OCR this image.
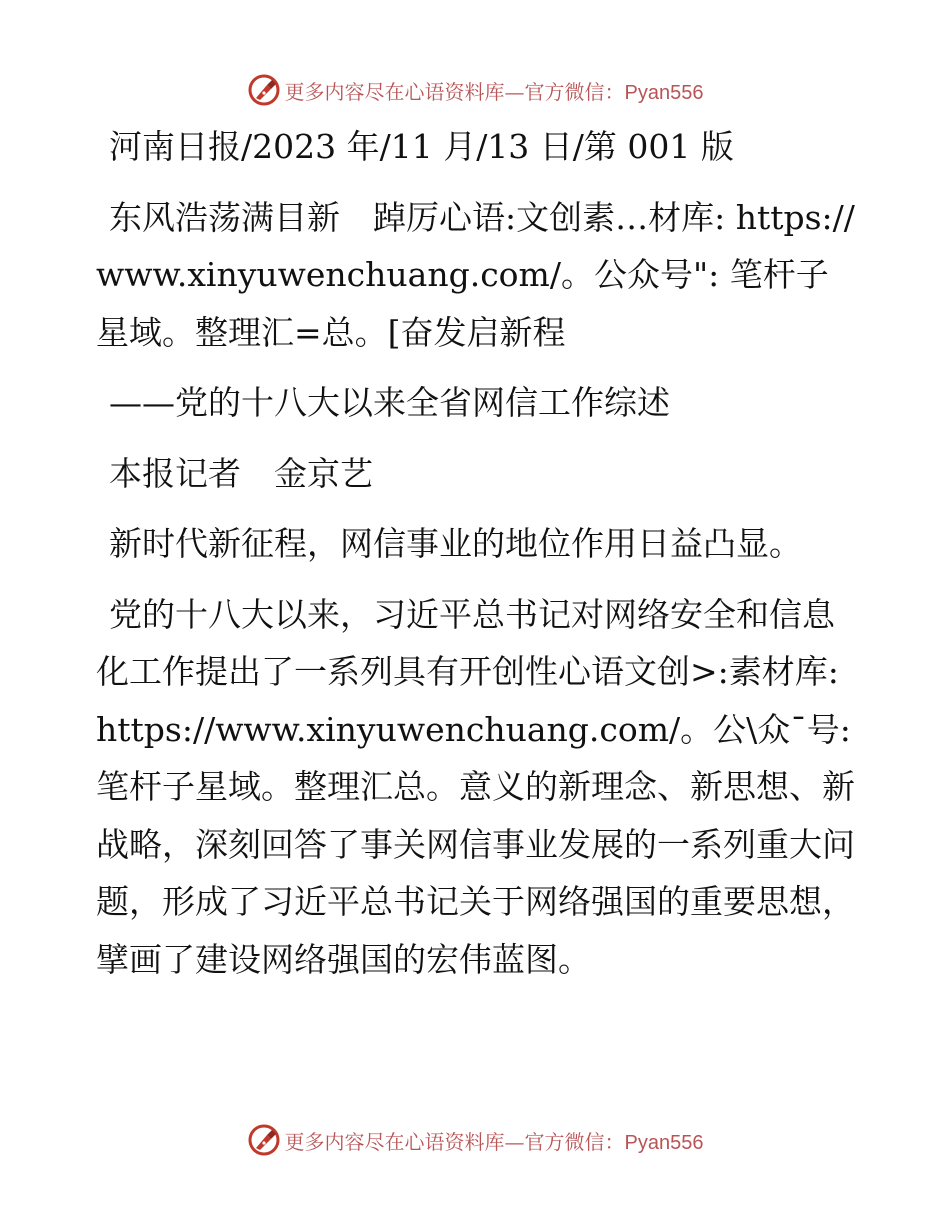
更多内容尽在心语资料库—官方微信：Pyan556

河南日报/2023 年/11 月/13 日/第 001 版

东风浩荡满目新　踔厉心语:文创素…材库: https://www.xinyuwenchuang.com/。公众号": 笔杆子星域。整理汇=总。[奋发启新程

——党的十八大以来全省网信工作综述

本报记者　金京艺

新时代新征程，网信事业的地位作用日益凸显。

党的十八大以来，习近平总书记对网络安全和信息化工作提出了一系列具有开创性心语文创>:素材库: https://www.xinyuwenchuang.com/。公\众¯号: 笔杆子星域。整理汇总。意义的新理念、新思想、新战略，深刻回答了事关网信事业发展的一系列重大问题，形成了习近平总书记关于网络强国的重要思想，擘画了建设网络强国的宏伟蓝图。

更多内容尽在心语资料库—官方微信：Pyan556
